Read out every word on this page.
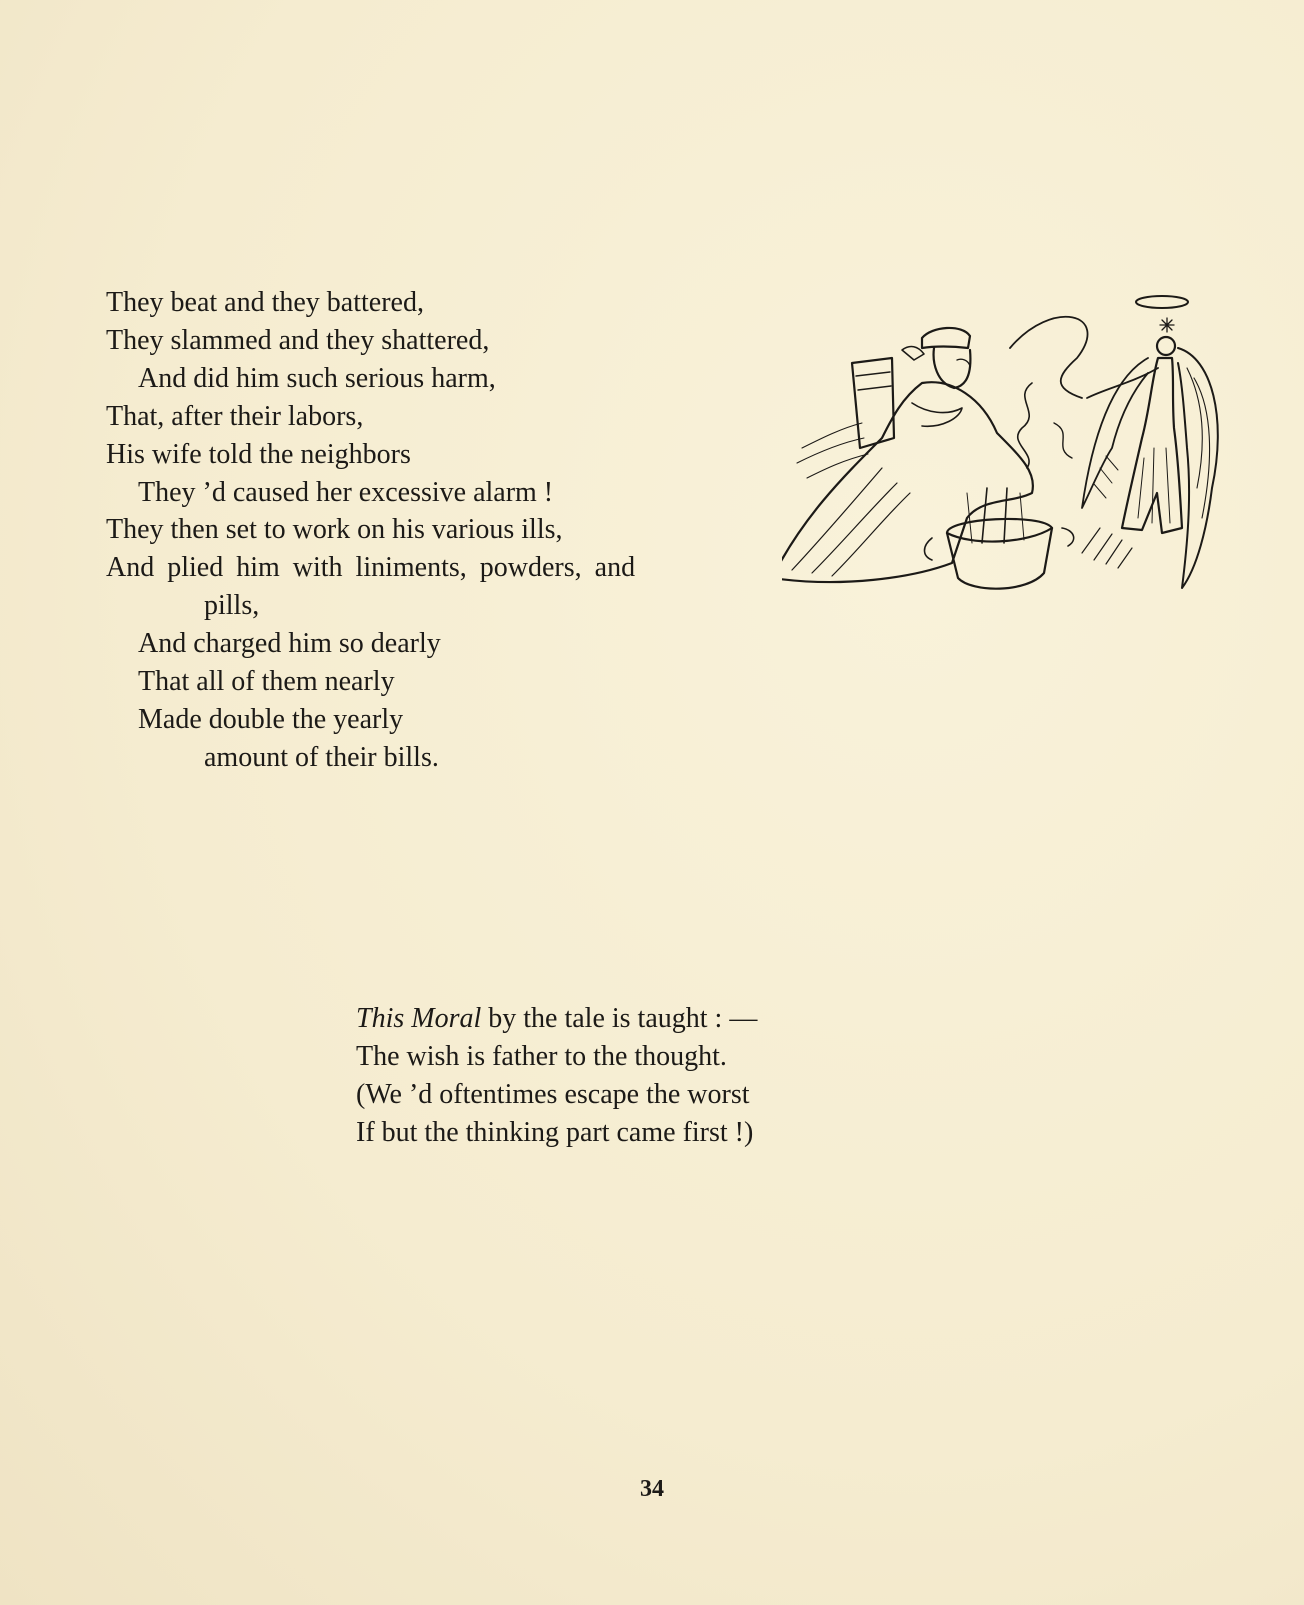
They beat and they battered,
They slammed and they shattered,
And did him such serious harm,
That, after their labors,
His wife told the neighbors
They ’d caused her excessive alarm !
They then set to work on his various ills,
And plied him with liniments, powders, and
pills,
And charged him so dearly
That all of them nearly
Made double the yearly
amount of their bills.
This Moral by the tale is taught : —
The wish is father to the thought.
(We ’d oftentimes escape the worst
If but the thinking part came first !)
34
